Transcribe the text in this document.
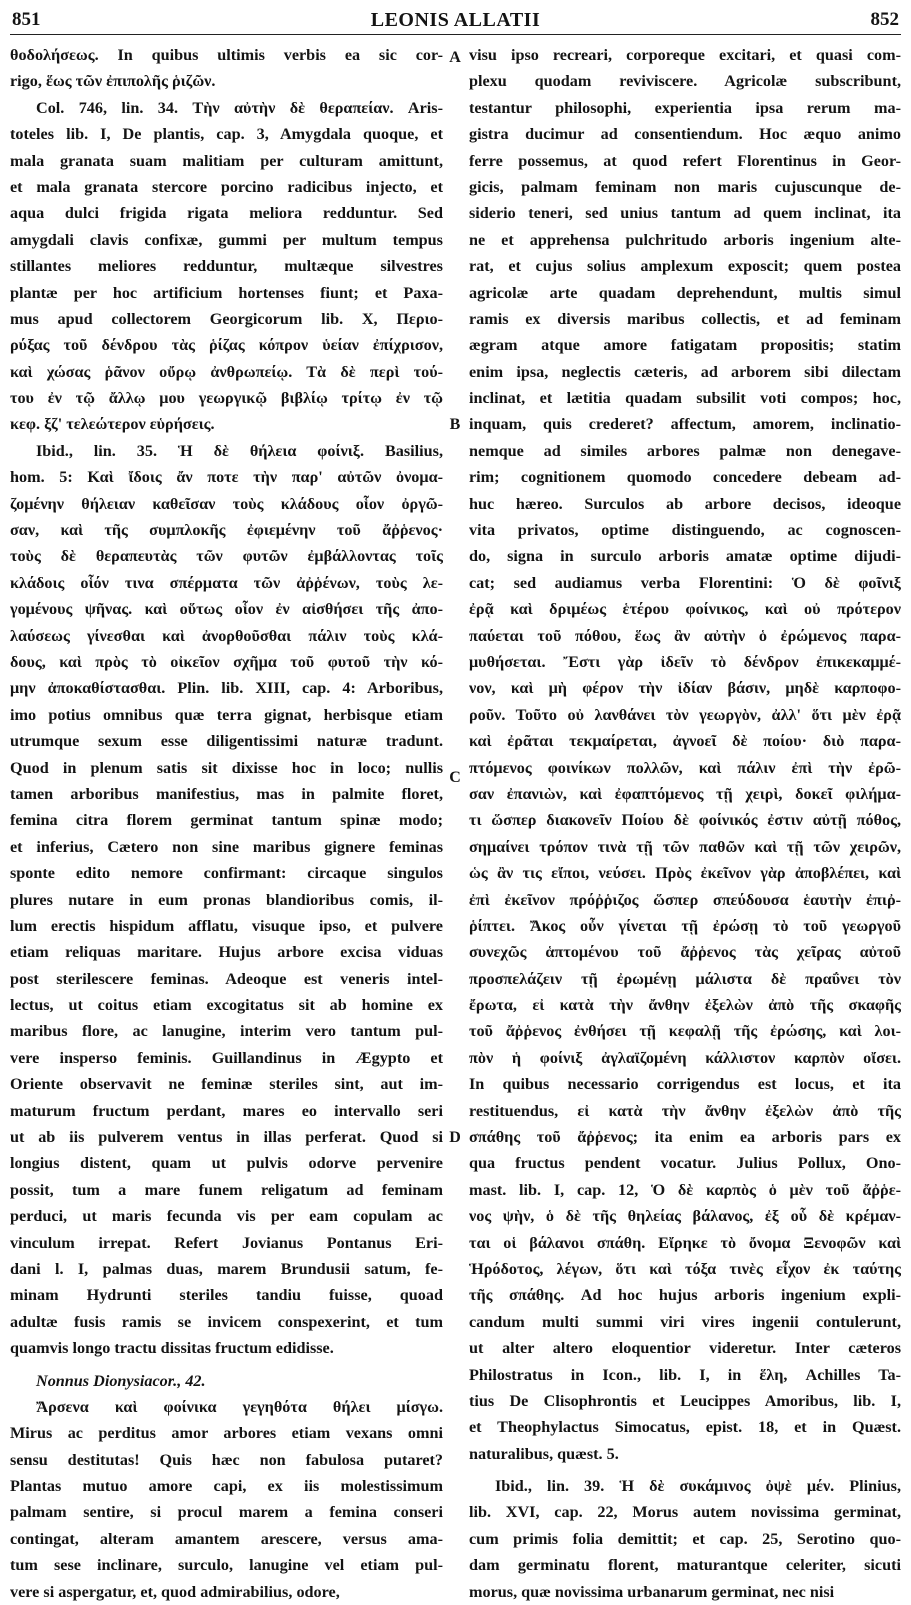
851	LEONIS ALLATII	852
A
B
C
D
θοδολήσεως. In quibus ultimis verbis ea sic cor-
rigo, ἕως τῶν ἐπιπολῆς ῥιζῶν.
Col. 746, lin. 34. Τὴν αὐτὴν δὲ θεραπείαν. Aris-
toteles lib. I, De plantis, cap. 3, Amygdala quoque, et
mala granata suam malitiam per culturam amittunt,
et mala granata stercore porcino radicibus injecto, et
aqua dulci frigida rigata meliora redduntur. Sed
amygdali clavis confixæ, gummi per multum tempus
stillantes meliores redduntur, multæque silvestres
plantæ per hoc artificium hortenses fiunt; et Paxa-
mus apud collectorem Georgicorum lib. X, Περιο-
ρύξας τοῦ δένδρου τὰς ῥίζας κόπρον ὑείαν ἐπίχρισον,
καὶ χώσας ῥᾶνον οὔρῳ ἀνθρωπείῳ. Τὰ δὲ περὶ τού-
του ἐν τῷ ἄλλῳ μου γεωργικῷ βιβλίῳ τρίτῳ ἐν τῷ
κεφ. ξζ' τελεώτερον εὑρήσεις.
Ibid., lin. 35. Ἡ δὲ θήλεια φοίνιξ. Basilius,
hom. 5: Καὶ ἴδοις ἄν ποτε τὴν παρ' αὐτῶν ὀνομα-
ζομένην θήλειαν καθεῖσαν τοὺς κλάδους οἷον ὀργῶ-
σαν, καὶ τῆς συμπλοκῆς ἐφιεμένην τοῦ ἄῤῥενος·
τοὺς δὲ θεραπευτὰς τῶν φυτῶν ἐμβάλλοντας τοῖς
κλάδοις οἷόν τινα σπέρματα τῶν ἀῤῥένων, τοὺς λε-
γομένους ψῆνας. καὶ οὕτως οἷον ἐν αἰσθήσει τῆς ἀπο-
λαύσεως γίνεσθαι καὶ ἀνορθοῦσθαι πάλιν τοὺς κλά-
δους, καὶ πρὸς τὸ οἰκεῖον σχῆμα τοῦ φυτοῦ τὴν κό-
μην ἀποκαθίστασθαι. Plin. lib. XIII, cap. 4: Arboribus,
imo potius omnibus quæ terra gignat, herbisque etiam
utrumque sexum esse diligentissimi naturæ tradunt.
Quod in plenum satis sit dixisse hoc in loco; nullis
tamen arboribus manifestius, mas in palmite floret,
femina citra florem germinat tantum spinæ modo;
et inferius, Cætero non sine maribus gignere feminas
sponte edito nemore confirmant: circaque singulos
plures nutare in eum pronas blandioribus comis, il-
lum erectis hispidum afflatu, visuque ipso, et pulvere
etiam reliquas maritare. Hujus arbore excisa viduas
post sterilescere feminas. Adeoque est veneris intel-
lectus, ut coitus etiam excogitatus sit ab homine ex
maribus flore, ac lanugine, interim vero tantum pul-
vere insperso feminis. Guillandinus in Ægypto et
Oriente observavit ne feminæ steriles sint, aut im-
maturum fructum perdant, mares eo intervallo seri
ut ab iis pulverem ventus in illas perferat. Quod si
longius distent, quam ut pulvis odorve pervenire
possit, tum a mare funem religatum ad feminam
perduci, ut maris fecunda vis per eam copulam ac
vinculum irrepat. Refert Jovianus Pontanus Eri-
dani l. I, palmas duas, marem Brundusii satum, fe-
minam Hydrunti steriles tandiu fuisse, quoad
adultæ fusis ramis se invicem conspexerint, et tum
quamvis longo tractu dissitas fructum edidisse.
Nonnus Dionysiacor., 42.
Ἄρσενα καὶ φοίνικα γεγηθότα θήλει μίσγω.
Mirus ac perditus amor arbores etiam vexans omni
sensu destitutas! Quis hæc non fabulosa putaret?
Plantas mutuo amore capi, ex iis molestissimum
palmam sentire, si procul marem a femina conseri
contingat, alteram amantem arescere, versus ama-
tum sese inclinare, surculo, lanugine vel etiam pul-
vere si aspergatur, et, quod admirabilius, odore,
visu ipso recreari, corporeque excitari, et quasi com-
plexu quodam reviviscere. Agricolæ subscribunt,
testantur philosophi, experientia ipsa rerum ma-
gistra ducimur ad consentiendum. Hoc æquo animo
ferre possemus, at quod refert Florentinus in Geor-
gicis, palmam feminam non maris cujuscunque de-
siderio teneri, sed unius tantum ad quem inclinat, ita
ne et apprehensa pulchritudo arboris ingenium alte-
rat, et cujus solius amplexum exposcit; quem postea
agricolæ arte quadam deprehendunt, multis simul
ramis ex diversis maribus collectis, et ad feminam
ægram atque amore fatigatam propositis; statim
enim ipsa, neglectis cæteris, ad arborem sibi dilectam
inclinat, et lætitia quadam subsilit voti compos; hoc,
inquam, quis crederet? affectum, amorem, inclinatio-
nemque ad similes arbores palmæ non denegave-
rim; cognitionem quomodo concedere debeam ad-
huc hæreo. Surculos ab arbore decisos, ideoque
vita privatos, optime distinguendo, ac cognoscen-
do, signa in surculo arboris amatæ optime dijudi-
cat; sed audiamus verba Florentini: Ὁ δὲ φοῖνιξ
ἐρᾷ καὶ δριμέως ἑτέρου φοίνικος, καὶ οὐ πρότερον
παύεται τοῦ πόθου, ἕως ἂν αὐτὴν ὁ ἐρώμενος παρα-
μυθήσεται. Ἔστι γὰρ ἰδεῖν τὸ δένδρον ἐπικεκαμμέ-
νον, καὶ μὴ φέρον τὴν ἰδίαν βάσιν, μηδὲ καρποφο-
ροῦν. Τοῦτο οὐ λανθάνει τὸν γεωργὸν, ἀλλ' ὅτι μὲν ἐρᾷ
καὶ ἐρᾶται τεκμαίρεται, ἀγνοεῖ δὲ ποίου· διὸ παρα-
πτόμενος φοινίκων πολλῶν, καὶ πάλιν ἐπὶ τὴν ἐρῶ-
σαν ἐπανιὼν, καὶ ἐφαπτόμενος τῇ χειρὶ, δοκεῖ φιλήμα-
τι ὥσπερ διακονεῖν Ποίου δὲ φοίνικός ἐστιν αὐτῇ πόθος,
σημαίνει τρόπον τινὰ τῇ τῶν παθῶν καὶ τῇ τῶν χειρῶν,
ὡς ἂν τις εἴποι, νεύσει. Πρὸς ἐκεῖνον γὰρ ἀποβλέπει, καὶ
ἐπὶ ἐκεῖνον πρόῤῥιζος ὥσπερ σπεύδουσα ἑαυτὴν ἐπιῤ-
ῥίπτει. Ἄκος οὖν γίνεται τῇ ἐρώσῃ τὸ τοῦ γεωργοῦ
συνεχῶς ἁπτομένου τοῦ ἄῤῥενος τὰς χεῖρας αὐτοῦ
προσπελάζειν τῇ ἐρωμένῃ μάλιστα δὲ πραΰνει τὸν
ἔρωτα, εἰ κατὰ τὴν ἄνθην ἐξελὼν ἀπὸ τῆς σκαφῆς
τοῦ ἄῤῥενος ἐνθήσει τῇ κεφαλῇ τῆς ἐρώσης, καὶ λοι-
πὸν ἡ φοίνιξ ἀγλαϊζομένη κάλλιστον καρπὸν οἴσει.
In quibus necessario corrigendus est locus, et ita
restituendus, εἰ κατὰ τὴν ἄνθην ἐξελὼν ἀπὸ τῆς
σπάθης τοῦ ἄῤῥενος; ita enim ea arboris pars ex
qua fructus pendent vocatur. Julius Pollux, Ono-
mast. lib. I, cap. 12, Ὁ δὲ καρπὸς ὁ μὲν τοῦ ἄῤῥε-
νος ψὴν, ὁ δὲ τῆς θηλείας βάλανος, ἐξ οὗ δὲ κρέμαν-
ται οἱ βάλανοι σπάθη. Εἴρηκε τὸ ὄνομα Ξενοφῶν καὶ
Ἡρόδοτος, λέγων, ὅτι καὶ τόξα τινὲς εἶχον ἐκ ταύτης
τῆς σπάθης. Ad hoc hujus arboris ingenium expli-
candum multi summi viri vires ingenii contulerunt,
ut alter altero eloquentior videretur. Inter cæteros
Philostratus in Icon., lib. I, in ἕλη, Achilles Ta-
tius De Clisophrontis et Leucippes Amoribus, lib. I,
et Theophylactus Simocatus, epist. 18, et in Quæst.
naturalibus, quæst. 5.
Ibid., lin. 39. Ἡ δὲ συκάμινος ὀψὲ μέν. Plinius,
lib. XVI, cap. 22, Morus autem novissima germinat,
cum primis folia demittit; et cap. 25, Serotino quo-
dam germinatu florent, maturantque celeriter, sicuti
morus, quæ novissima urbanarum germinat, nec nisi
